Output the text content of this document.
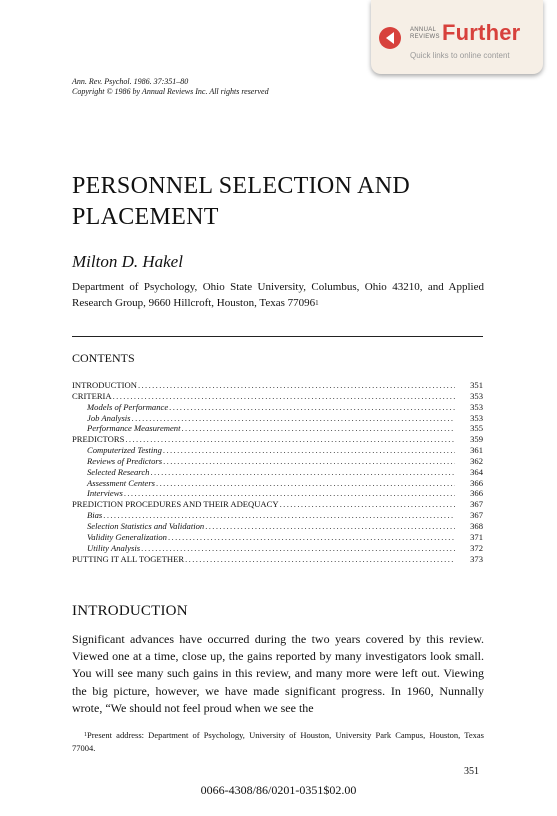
ANNUAL
REVIEWS Further
Quick links to online content
Ann. Rev. Psychol. 1986. 37:351–80
Copyright © 1986 by Annual Reviews Inc. All rights reserved
PERSONNEL SELECTION AND
PLACEMENT
Milton D. Hakel
Department of Psychology, Ohio State University, Columbus, Ohio 43210, and Applied Research Group, 9660 Hillcroft, Houston, Texas 77096$^1$
CONTENTS
INTRODUCTION .....	351
CRITERIA .....	353
Models of Performance .....	353
Job Analysis .....	353
Performance Measurement .....	355
PREDICTORS .....	359
Computerized Testing .....	361
Reviews of Predictors .....	362
Selected Research .....	364
Assessment Centers .....	366
Interviews .....	366
PREDICTION PROCEDURES AND THEIR ADEQUACY .....	367
Bias .....	367
Selection Statistics and Validation .....	368
Validity Generalization .....	371
Utility Analysis .....	372
PUTTING IT ALL TOGETHER .....	373
INTRODUCTION

Significant advances have occurred during the two years covered by this review. Viewed one at a time, close up, the gains reported by many investigators look small. You will see many such gains in this review, and many more were left out. Viewing the big picture, however, we have made significant progress. In 1960, Nunnally wrote, “We should not feel proud when we see the

$^1$Present address: Department of Psychology, University of Houston, University Park Campus, Houston, Texas 77004.

351
0066-4308/86/0201-0351$02.00
